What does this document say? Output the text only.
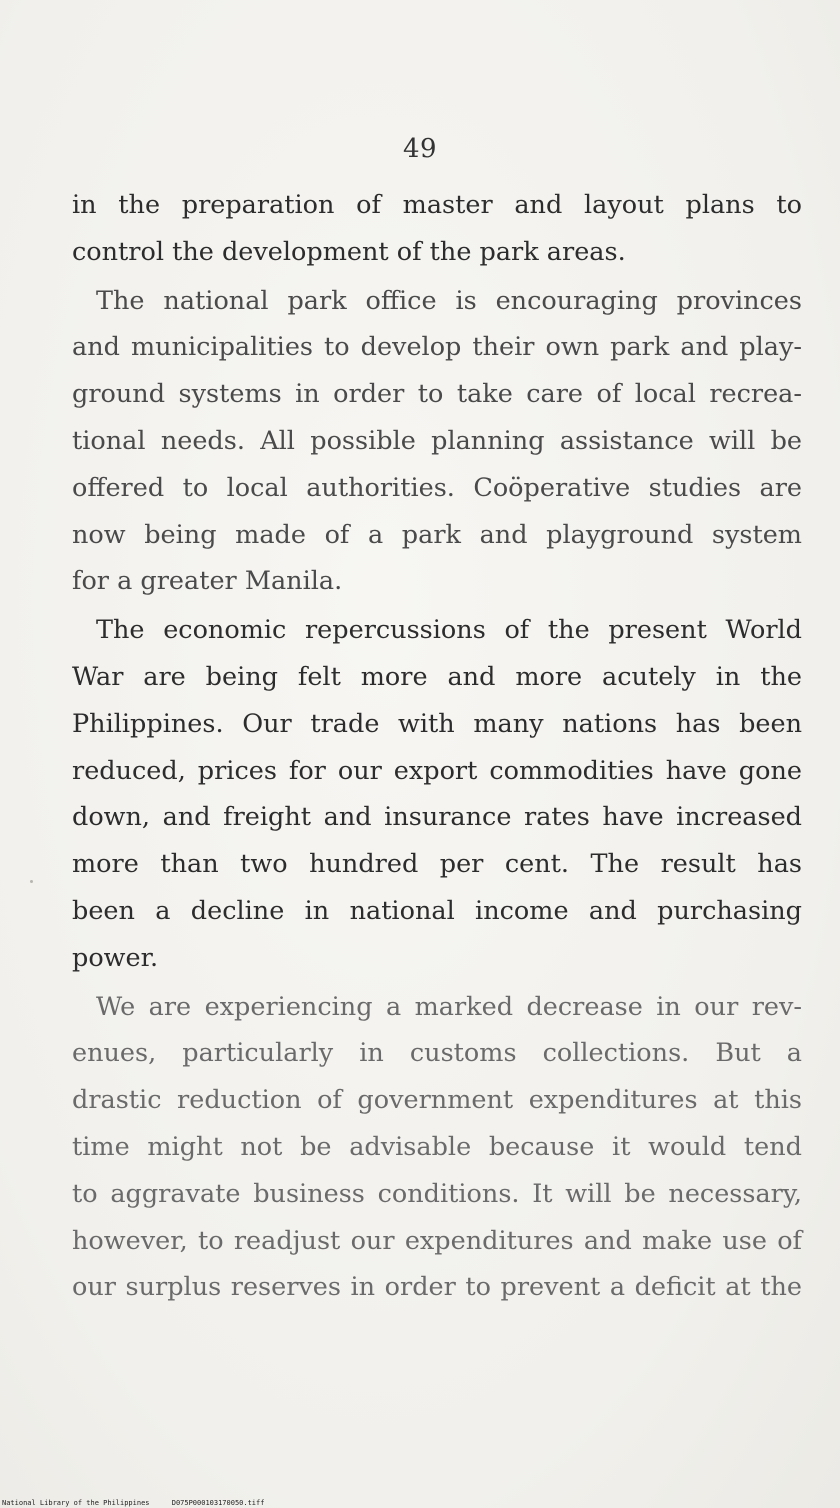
49
in the preparation of master and layout plans to
control the development of the park areas.
The national park office is encouraging provinces
and municipalities to develop their own park and play-
ground systems in order to take care of local recrea-
tional needs. All possible planning assistance will be
offered to local authorities. Coöperative studies are
now being made of a park and playground system
for a greater Manila.
The economic repercussions of the present World
War are being felt more and more acutely in the
Philippines. Our trade with many nations has been
reduced, prices for our export commodities have gone
down, and freight and insurance rates have increased
more than two hundred per cent. The result has
been a decline in national income and purchasing
power.
We are experiencing a marked decrease in our rev-
enues, particularly in customs collections. But a
drastic reduction of government expenditures at this
time might not be advisable because it would tend
to aggravate business conditions. It will be necessary,
however, to readjust our expenditures and make use of
our surplus reserves in order to prevent a deficit at the
National Library of the Philippines	D075P000103170050.tiff
